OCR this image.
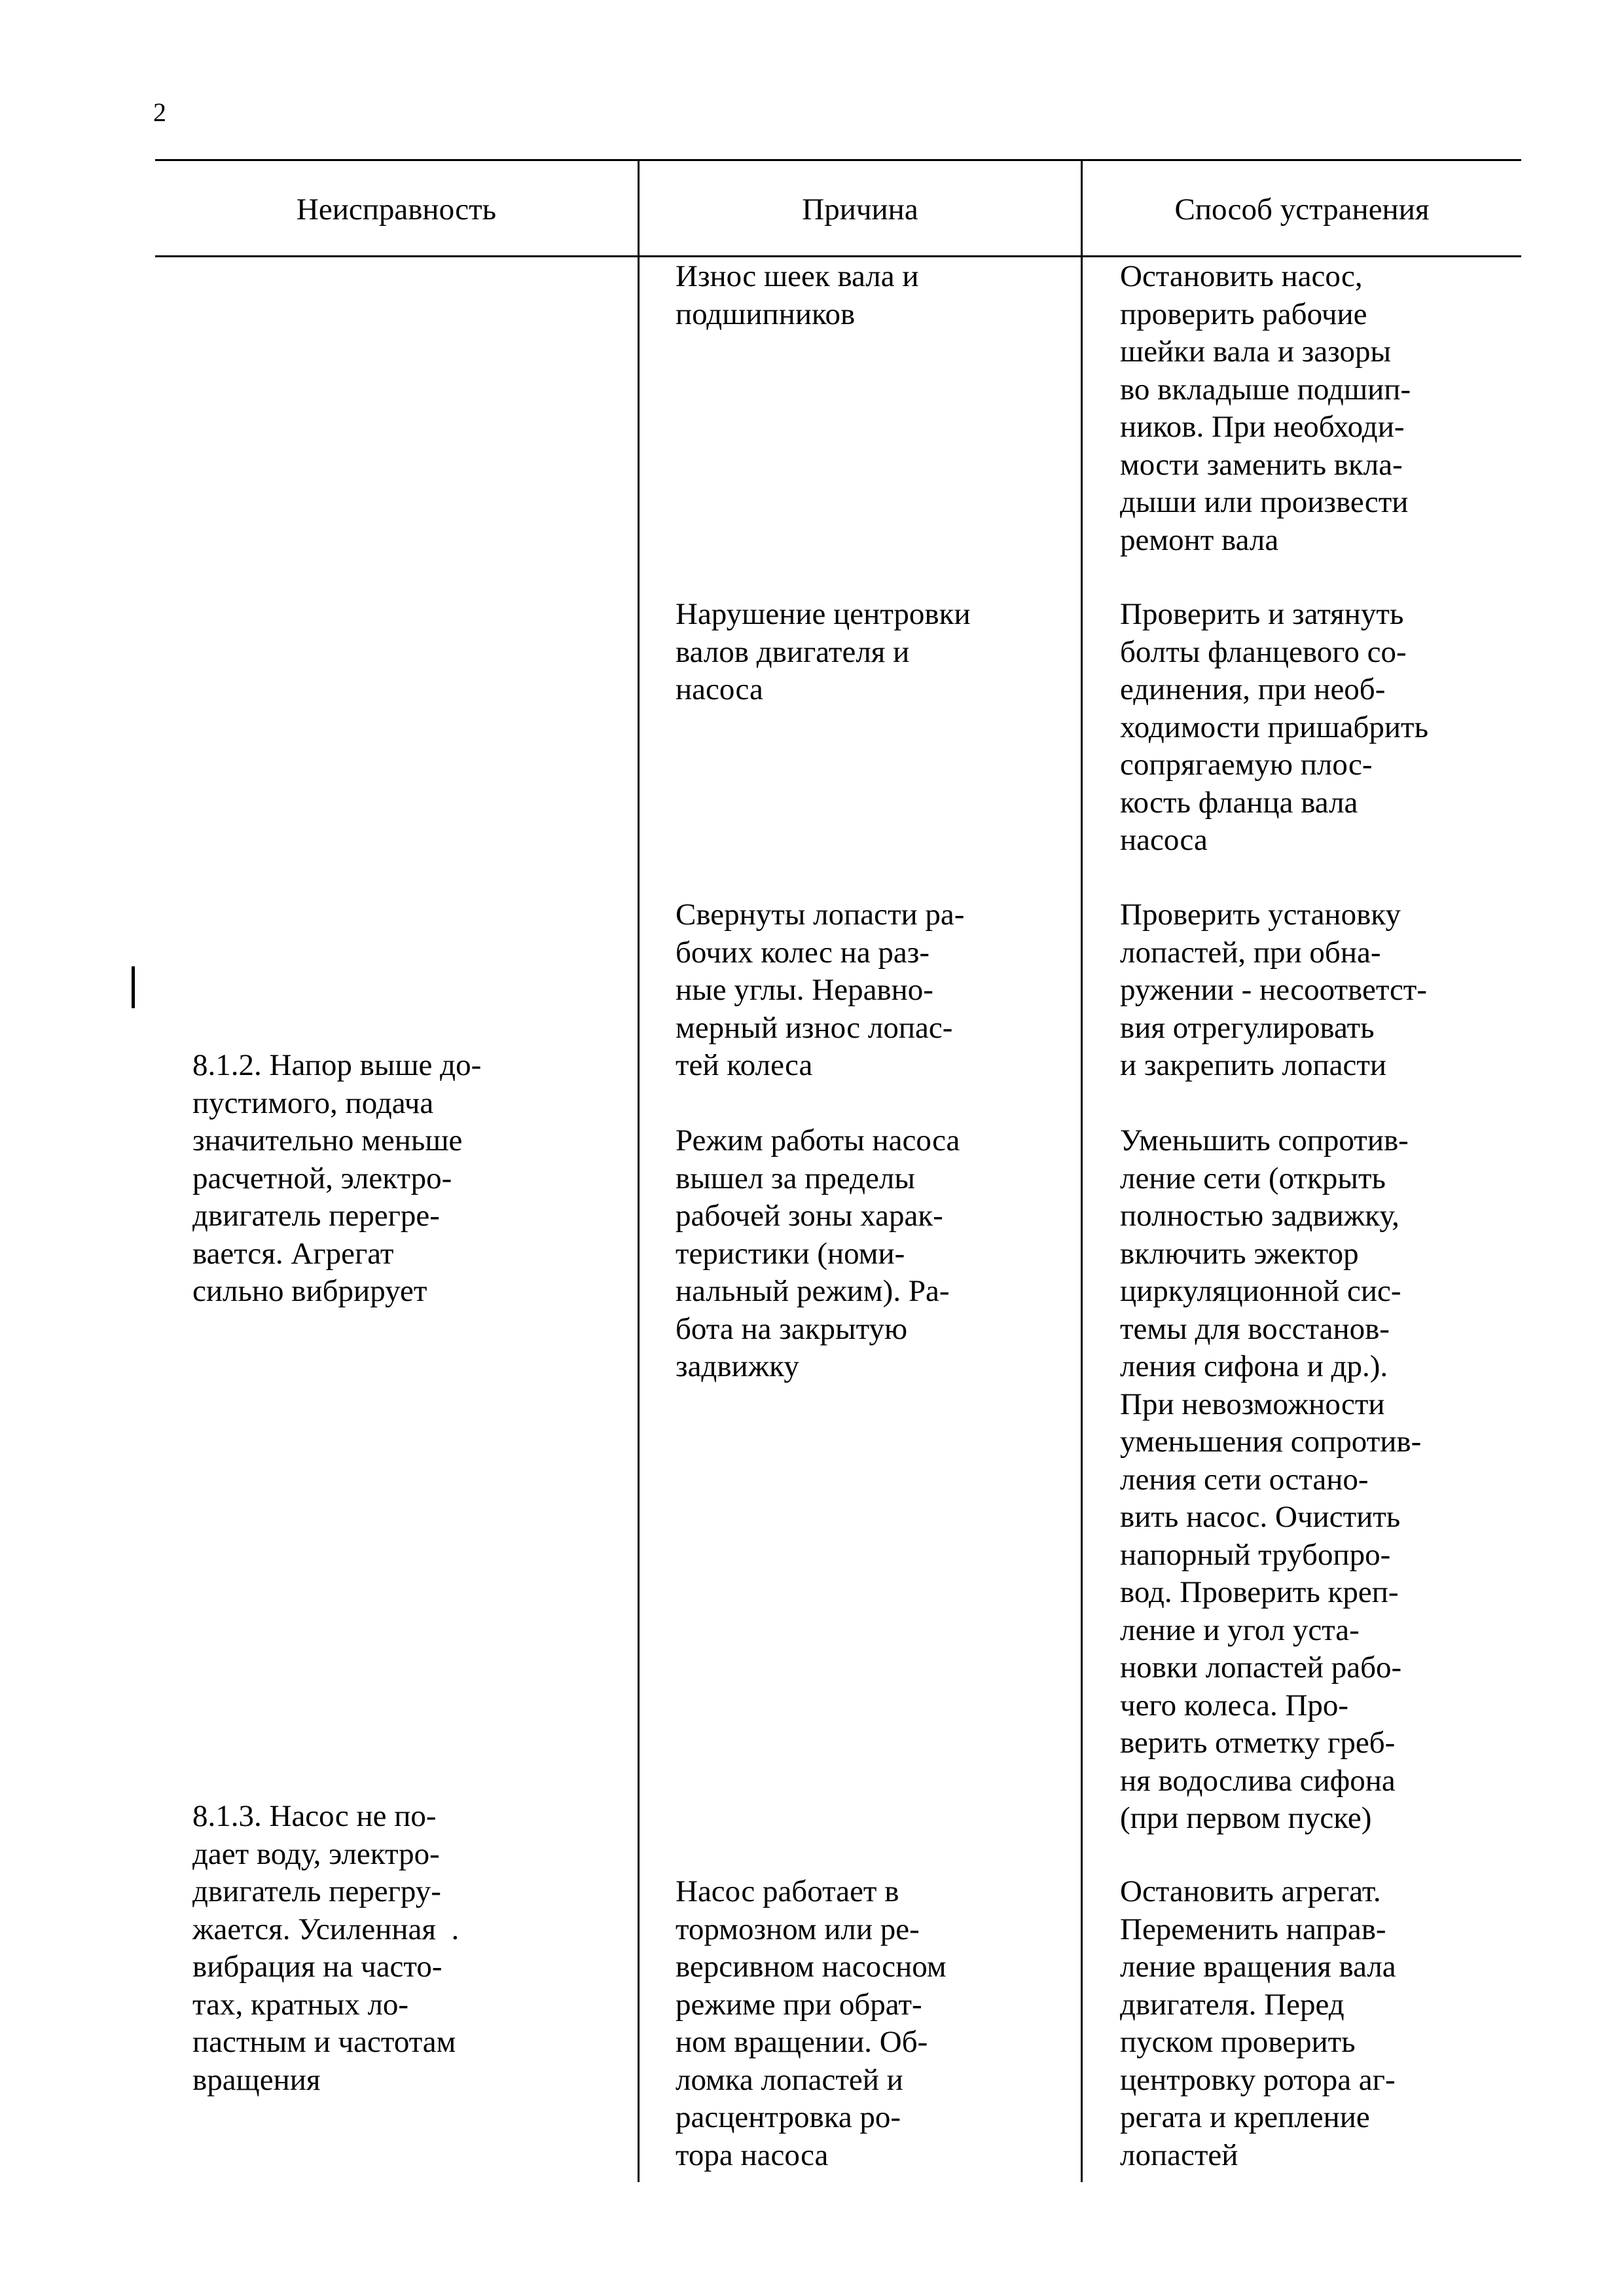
2
Неисправность	Причина	Способ устранения
Износ шеек вала и
подшипников
Остановить насос,
проверить рабочие
шейки вала и зазоры
во вкладыше подшип-
ников. При необходи-
мости заменить вкла-
дыши или произвести
ремонт вала
Нарушение центровки
валов двигателя и
насоса
Проверить и затянуть
болты фланцевого со-
единения, при необ-
ходимости пришабрить
сопрягаемую плос-
кость фланца вала
насоса
8.1.2. Напор выше до-
пустимого, подача
значительно меньше
расчетной, электро-
двигатель перегре-
вается. Агрегат
сильно вибрирует
Свернуты лопасти ра-
бочих колес на раз-
ные углы. Неравно-
мерный износ лопас-
тей колеса
Проверить установку
лопастей, при обна-
ружении - несоответст-
вия отрегулировать
и закрепить лопасти
Режим работы насоса
вышел за пределы
рабочей зоны харак-
теристики (номи-
нальный режим). Ра-
бота на закрытую
задвижку
Уменьшить сопротив-
ление сети (открыть
полностью задвижку,
включить эжектор
циркуляционной сис-
темы для восстанов-
ления сифона и др.).
При невозможности
уменьшения сопротив-
ления сети остано-
вить насос. Очистить
напорный трубопро-
вод. Проверить креп-
ление и угол уста-
новки лопастей рабо-
чего колеса. Про-
верить отметку греб-
ня водослива сифона
(при первом пуске)
8.1.3. Насос не по-
дает воду, электро-
двигатель перегру-
жается. Усиленная  .
вибрация на часто-
тах, кратных ло-
пастным и частотам
вращения
Насос работает в
тормозном или ре-
версивном насосном
режиме при обрат-
ном вращении. Об-
ломка лопастей и
расцентровка ро-
тора насоса
Остановить агрегат.
Переменить направ-
ление вращения вала
двигателя. Перед
пуском проверить
центровку ротора аг-
регата и крепление
лопастей
